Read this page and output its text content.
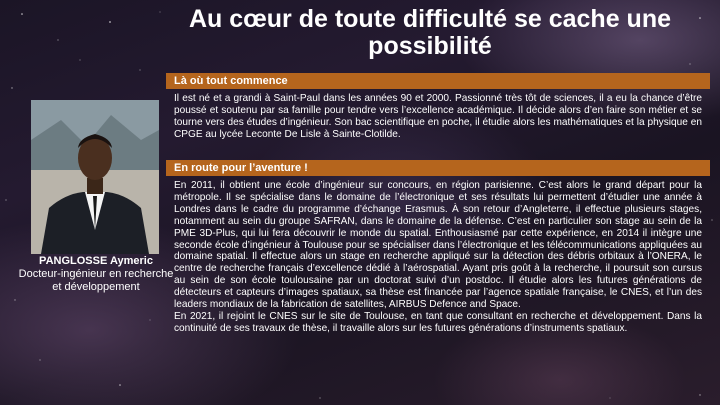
Au cœur de toute difficulté se cache une possibilité
PANGLOSSE Aymeric
Docteur-ingénieur en recherche et développement
Là où tout commence

Il est né et a grandi à Saint-Paul dans les années 90 et 2000. Passionné très tôt de sciences, il a eu la chance d’être poussé et soutenu par sa famille pour tendre vers l’excellence académique. Il décide alors d’en faire son métier et se tourne vers des études d’ingénieur. Son bac scientifique en poche, il étudie alors les mathématiques et la physique en CPGE au lycée Leconte De Lisle à Sainte-Clotilde.

En route pour l’aventure !

En 2011, il obtient une école d’ingénieur sur concours, en région parisienne. C’est alors le grand départ pour la métropole. Il se spécialise dans le domaine de l’électronique et ses résultats lui permettent d’étudier une année à Londres dans le cadre du programme d’échange Erasmus. À son retour d’Angleterre, il effectue plusieurs stages, notamment au sein du groupe SAFRAN, dans le domaine de la défense. C’est en particulier son stage au sein de la PME 3D-Plus, qui lui fera découvrir le monde du spatial. Enthousiasmé par cette expérience, en 2014 il intègre une seconde école d’ingénieur à Toulouse pour se spécialiser dans l’électronique et les télécommunications appliquées au domaine spatial. Il effectue alors un stage en recherche appliqué sur la détection des débris orbitaux à l’ONERA, le centre de recherche français d’excellence dédié à l’aérospatial. Ayant pris goût à la recherche, il poursuit son cursus au sein de son école toulousaine par un doctorat suivi d’un postdoc. Il étudie alors les futures générations de détecteurs et capteurs d’images spatiaux, sa thèse est financée par l’agence spatiale française, le CNES, et l’un des leaders mondiaux de la fabrication de satellites, AIRBUS Defence and Space.

En 2021, il rejoint le CNES sur le site de Toulouse, en tant que consultant en recherche et développement. Dans la continuité de ses travaux de thèse, il travaille alors sur les futures générations d’instruments spatiaux.
